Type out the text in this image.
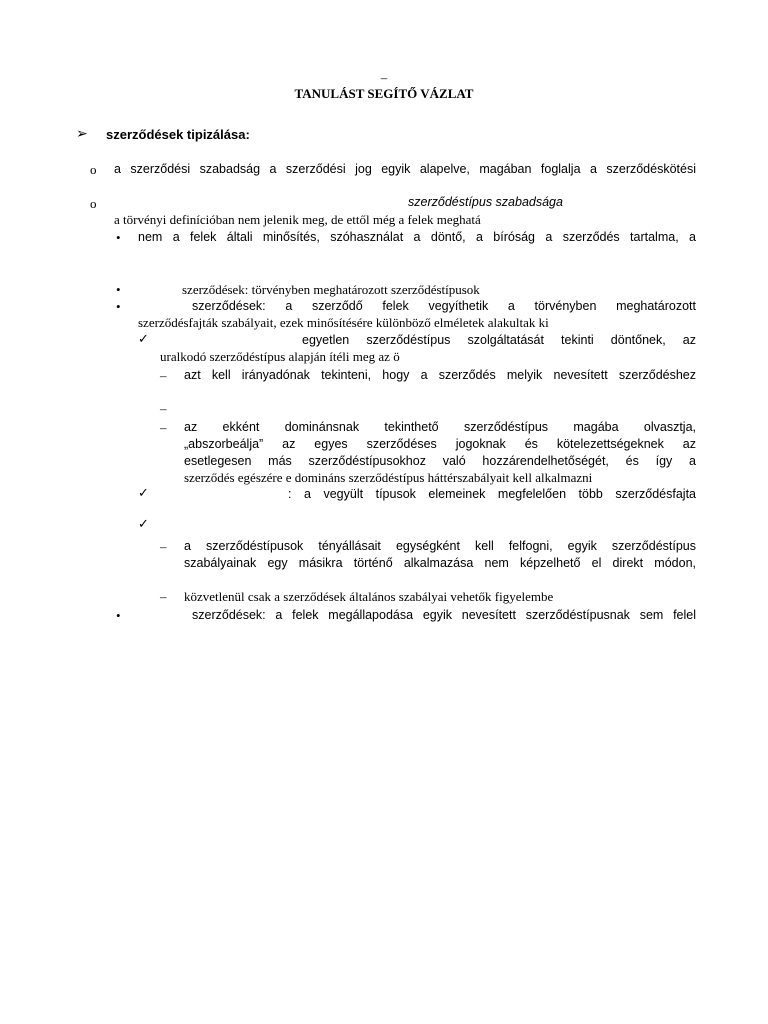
–
TANULÁST SEGÍTŐ VÁZLAT
➢ szerződések tipizálása:
o a szerződési szabadság a szerződési jog egyik alapelve, magában foglalja a szerződéskötési
o	szerződéstípus szabadsága
a törvényi definícióban nem jelenik meg, de ettől még a felek meghatá
• nem a felek általi minősítés, szóhasználat a döntő, a bíróság a szerződés tartalma, a
•	szerződések: törvényben meghatározott szerződéstípusok
•	szerződések: a szerződő felek vegyíthetik a törvényben meghatározott
szerződésfajták szabályait, ezek minősítésére különböző elméletek alakultak ki
✓	egyetlen szerződéstípus szolgáltatását tekinti döntőnek, az
uralkodó szerződéstípus alapján ítéli meg az ö
– azt kell irányadónak tekinteni, hogy a szerződés melyik nevesített szerződéshez
–
– az ekként dominánsnak tekinthető szerződéstípus magába olvasztja,
„abszorbeálja” az egyes szerződéses jogoknak és kötelezettségeknek az
esetlegesen más szerződéstípusokhoz való hozzárendelhetőségét, és így a
szerződés egészére e domináns szerződéstípus háttérszabályait kell alkalmazni
✓	: a vegyült típusok elemeinek megfelelően több szerződésfajta
✓
– a szerződéstípusok tényállásait egységként kell felfogni, egyik szerződéstípus
szabályainak egy másikra történő alkalmazása nem képzelhető el direkt módon,
– közvetlenül csak a szerződések általános szabályai vehetők figyelembe
•	szerződések: a felek megállapodása egyik nevesített szerződéstípusnak sem felel
